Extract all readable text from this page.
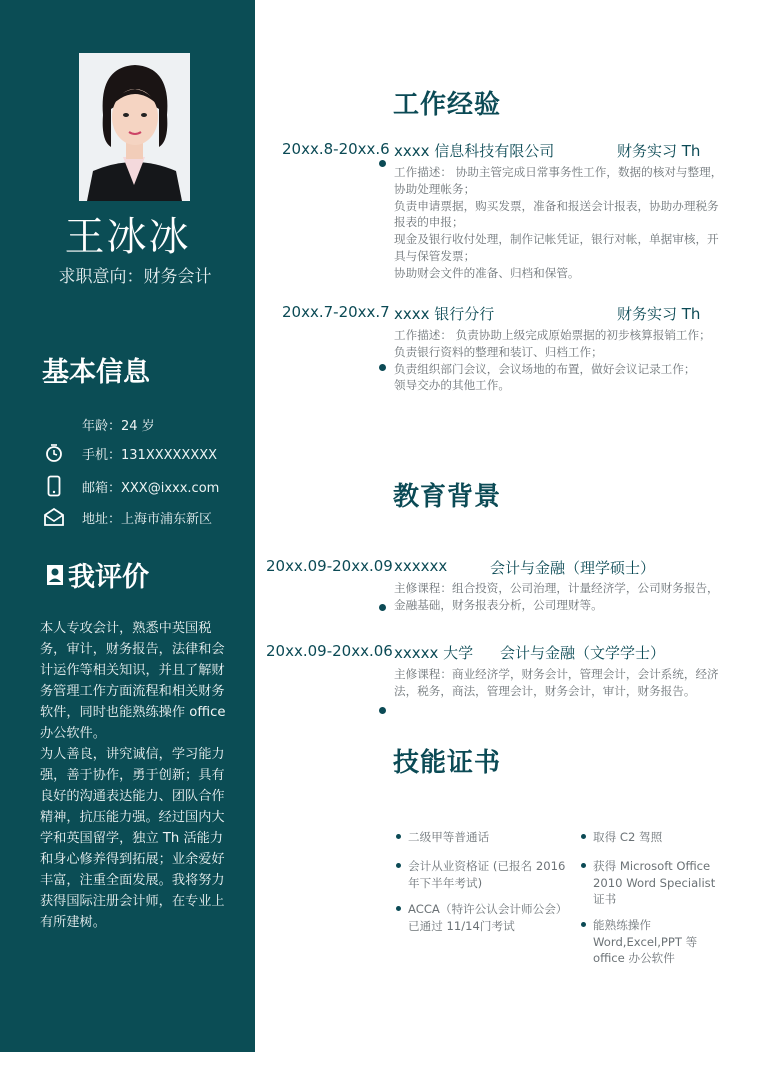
王冰冰
求职意向：财务会计
基本信息
年龄：24 岁
手机：131XXXXXXXX
邮箱：XXX@ixxx.com
地址：上海市浦东新区
我评价

本人专攻会计，熟悉中英国税务，审计，财务报告，法律和会计运作等相关知识，并且了解财务管理工作方面流程和相关财务软件，同时也能熟练操作 office 办公软件。

为人善良，讲究诚信，学习能力强，善于协作，勇于创新；具有良好的沟通表达能力、团队合作精神，抗压能力强。经过国内大学和英国留学，独立 Th 活能力和身心修养得到拓展；业余爱好丰富，注重全面发展。我将努力获得国际注册会计师，在专业上有所建树。

工作经验
20xx.8-20xx.6 xxxx 信息科技有限公司	财务实习 Th

工作描述： 协助主管完成日常事务性工作，数据的核对与整理，协助处理帐务；

负责申请票据，购买发票，准备和报送会计报表，协助办理税务报表的申报；

现金及银行收付处理，制作记帐凭证，银行对帐，单据审核，开具与保管发票；

协助财会文件的准备、归档和保管。

20xx.7-20xx.7 xxxx 银行分行	财务实习 Th

工作描述： 负责协助上级完成原始票据的初步核算报销工作；

负责银行资料的整理和装订、归档工作；

负责组织部门会议，会议场地的布置，做好会议记录工作；

领导交办的其他工作。

教育背景
20xx.09-20xx.09 xxxxxx	会计与金融（理学硕士）

主修课程：组合投资，公司治理，计量经济学，公司财务报告，金融基础，财务报表分析，公司理财等。

20xx.09-20xx.06 xxxxx 大学 会计与金融（文学学士）

主修课程：商业经济学，财务会计，管理会计，会计系统，经济法，税务，商法，管理会计，财务会计，审计，财务报告。

技能证书
二级甲等普通话
会计从业资格证 (已报名 2016 年下半年考试)
ACCA（特许公认会计师公会）已通过 11/14门考试
取得 C2 驾照
获得 Microsoft Office 2010 Word Specialist 证书
能熟练操作 Word,Excel,PPT 等 office 办公软件
